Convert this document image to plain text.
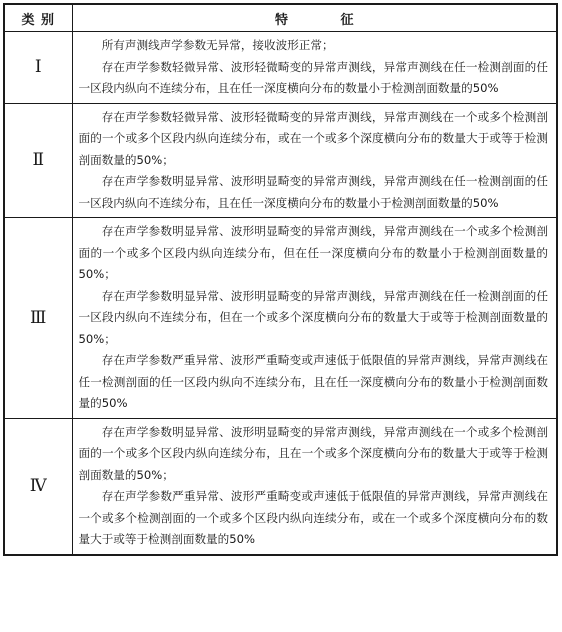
类 别	特 征
Ⅰ	所有声测线声学参数无异常，接收波形正常；

存在声学参数轻微异常、波形轻微畸变的异常声测线，异常声测线在任一检测剖面的任一区段内纵向不连续分布，且在任一深度横向分布的数量小于检测剖面数量的50%

Ⅱ	存在声学参数轻微异常、波形轻微畸变的异常声测线，异常声测线在一个或多个检测剖面的一个或多个区段内纵向连续分布，或在一个或多个深度横向分布的数量大于或等于检测剖面数量的50%；

存在声学参数明显异常、波形明显畸变的异常声测线，异常声测线在任一检测剖面的任一区段内纵向不连续分布，且在任一深度横向分布的数量小于检测剖面数量的50%

Ⅲ	存在声学参数明显异常、波形明显畸变的异常声测线，异常声测线在一个或多个检测剖面的一个或多个区段内纵向连续分布，但在任一深度横向分布的数量小于检测剖面数量的50%；

存在声学参数明显异常、波形明显畸变的异常声测线，异常声测线在任一检测剖面的任一区段内纵向不连续分布，但在一个或多个深度横向分布的数量大于或等于检测剖面数量的50%；

存在声学参数严重异常、波形严重畸变或声速低于低限值的异常声测线，异常声测线在任一检测剖面的任一区段内纵向不连续分布，且在任一深度横向分布的数量小于检测剖面数量的50%

Ⅳ	存在声学参数明显异常、波形明显畸变的异常声测线，异常声测线在一个或多个检测剖面的一个或多个区段内纵向连续分布，且在一个或多个深度横向分布的数量大于或等于检测剖面数量的50%；

存在声学参数严重异常、波形严重畸变或声速低于低限值的异常声测线，异常声测线在一个或多个检测剖面的一个或多个区段内纵向连续分布，或在一个或多个深度横向分布的数量大于或等于检测剖面数量的50%
